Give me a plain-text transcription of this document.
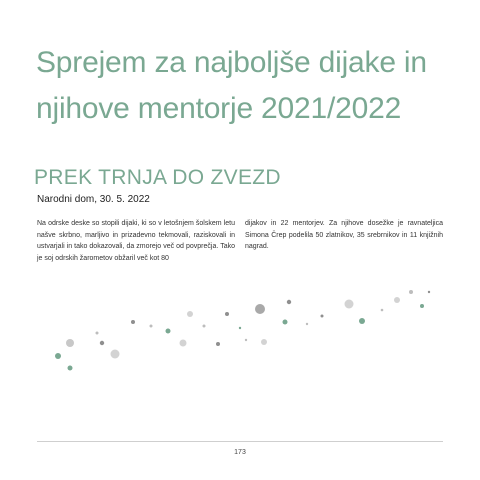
Sprejem za najboljše dijake in
njihove mentorje 2021/2022
PREK TRNJA DO ZVEZD
Narodni dom, 30. 5. 2022
Na odrske deske so stopili dijaki, ki so v letošnjem šolskem letu našve skrbno, marljivo in prizadevno tekmovali, raziskovali in ustvarjali in tako dokazovali, da zmorejo več od povprečja. Tako je soj odrskih žarometov obžaril več kot 80
dijakov in 22 mentorjev. Za njihove dosežke je ravnateljica Simona Črep podelila 50 zlatnikov, 35 srebrnikov in 11 knjižnih nagrad.
173
